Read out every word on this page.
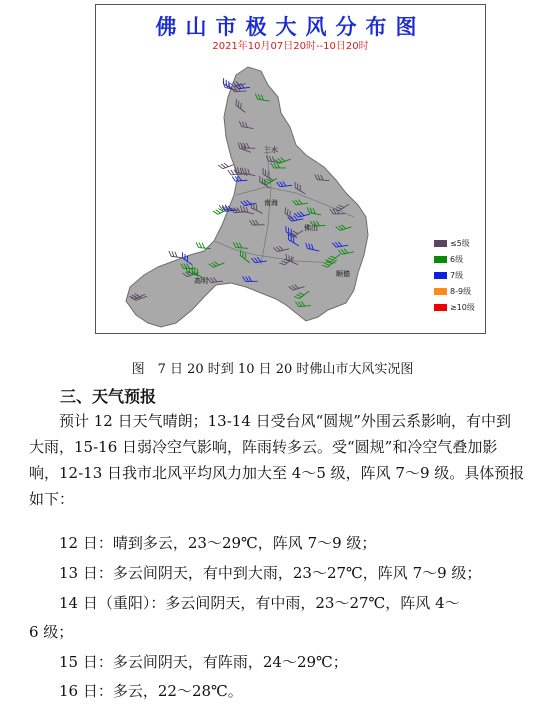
佛山市极大风分布图
2021年10月07日20时--10日20时
三水
南海
佛山
顺德
高明
≤5级
6级
7级
8-9级
≥10级
图　7 日 20 时到 10 日 20 时佛山市大风实况图
三、天气预报
预计 12 日天气晴朗；13-14 日受台风“圆规”外围云系影响，有中到大雨，15-16 日弱冷空气影响，阵雨转多云。受“圆规”和冷空气叠加影响，12-13 日我市北风平均风力加大至 4～5 级，阵风 7～9 级。具体预报如下：
12 日：晴到多云，23～29℃，阵风 7～9 级；
13 日：多云间阴天，有中到大雨，23～27℃，阵风 7～9 级；
14 日（重阳）：多云间阴天，有中雨，23～27℃，阵风 4～
6 级；
15 日：多云间阴天，有阵雨，24～29℃；
16 日：多云，22～28℃。
